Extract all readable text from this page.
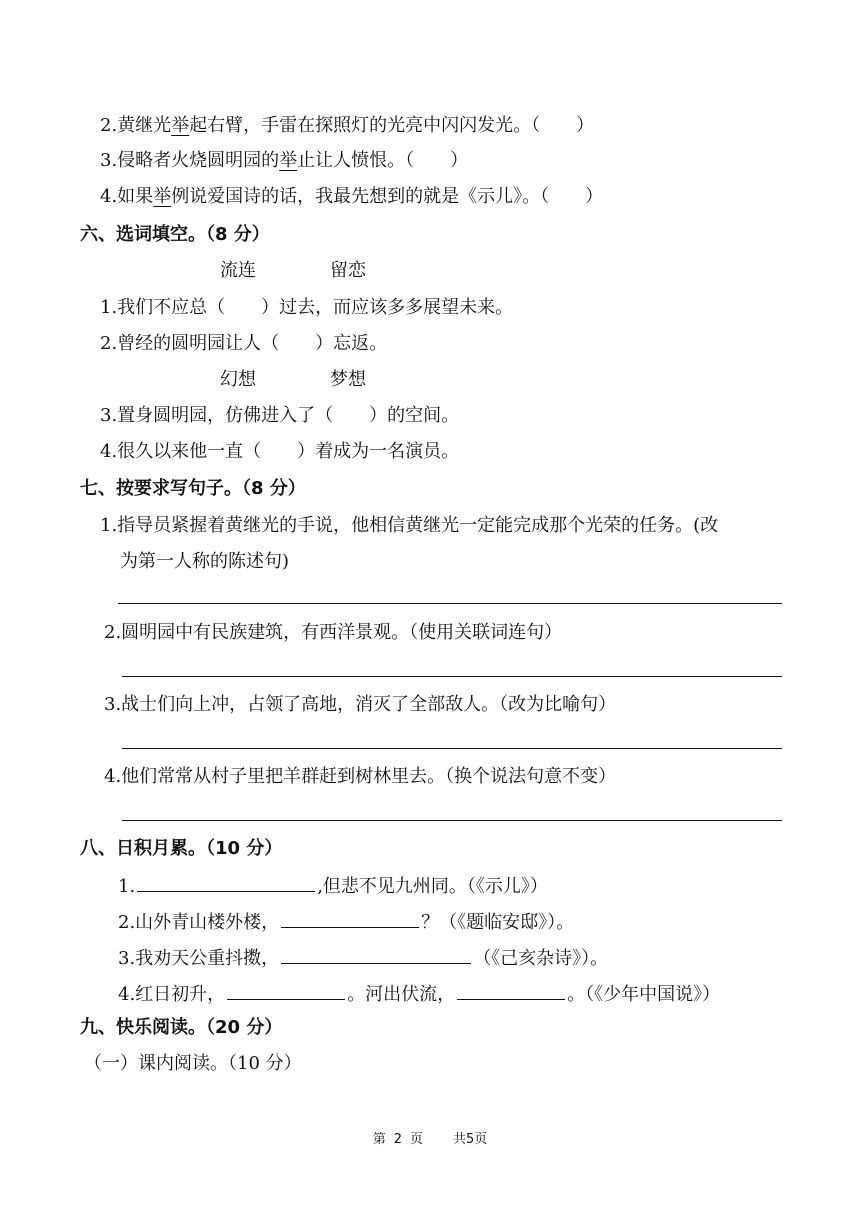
2.黄继光举起右臂，手雷在探照灯的光亮中闪闪发光。（　　）
3.侵略者火烧圆明园的举止让人愤恨。（　　）
4.如果举例说爱国诗的话，我最先想到的就是《示儿》。（　　）
六、选词填空。（8 分）
流连	留恋
1.我们不应总（　　）过去，而应该多多展望未来。
2.曾经的圆明园让人（　　）忘返。
幻想	梦想
3.置身圆明园，仿佛进入了（　　）的空间。
4.很久以来他一直（　　）着成为一名演员。
七、按要求写句子。（8 分）
1.指导员紧握着黄继光的手说，他相信黄继光一定能完成那个光荣的任务。(改
为第一人称的陈述句)
2.圆明园中有民族建筑，有西洋景观。（使用关联词连句）
3.战士们向上冲，占领了高地，消灭了全部敌人。（改为比喻句）
4.他们常常从村子里把羊群赶到树林里去。（换个说法句意不变）
八、日积月累。（10 分）
1.	,但悲不见九州同。（《示儿》）
2.山外青山楼外楼，	？（《题临安邸》）。
3.我劝天公重抖擞，	（《己亥杂诗》）。
4.红日初升，	。河出伏流，	。（《少年中国说》）
九、快乐阅读。（20 分）
（一）课内阅读。（10 分）
第 2 页 共5页
